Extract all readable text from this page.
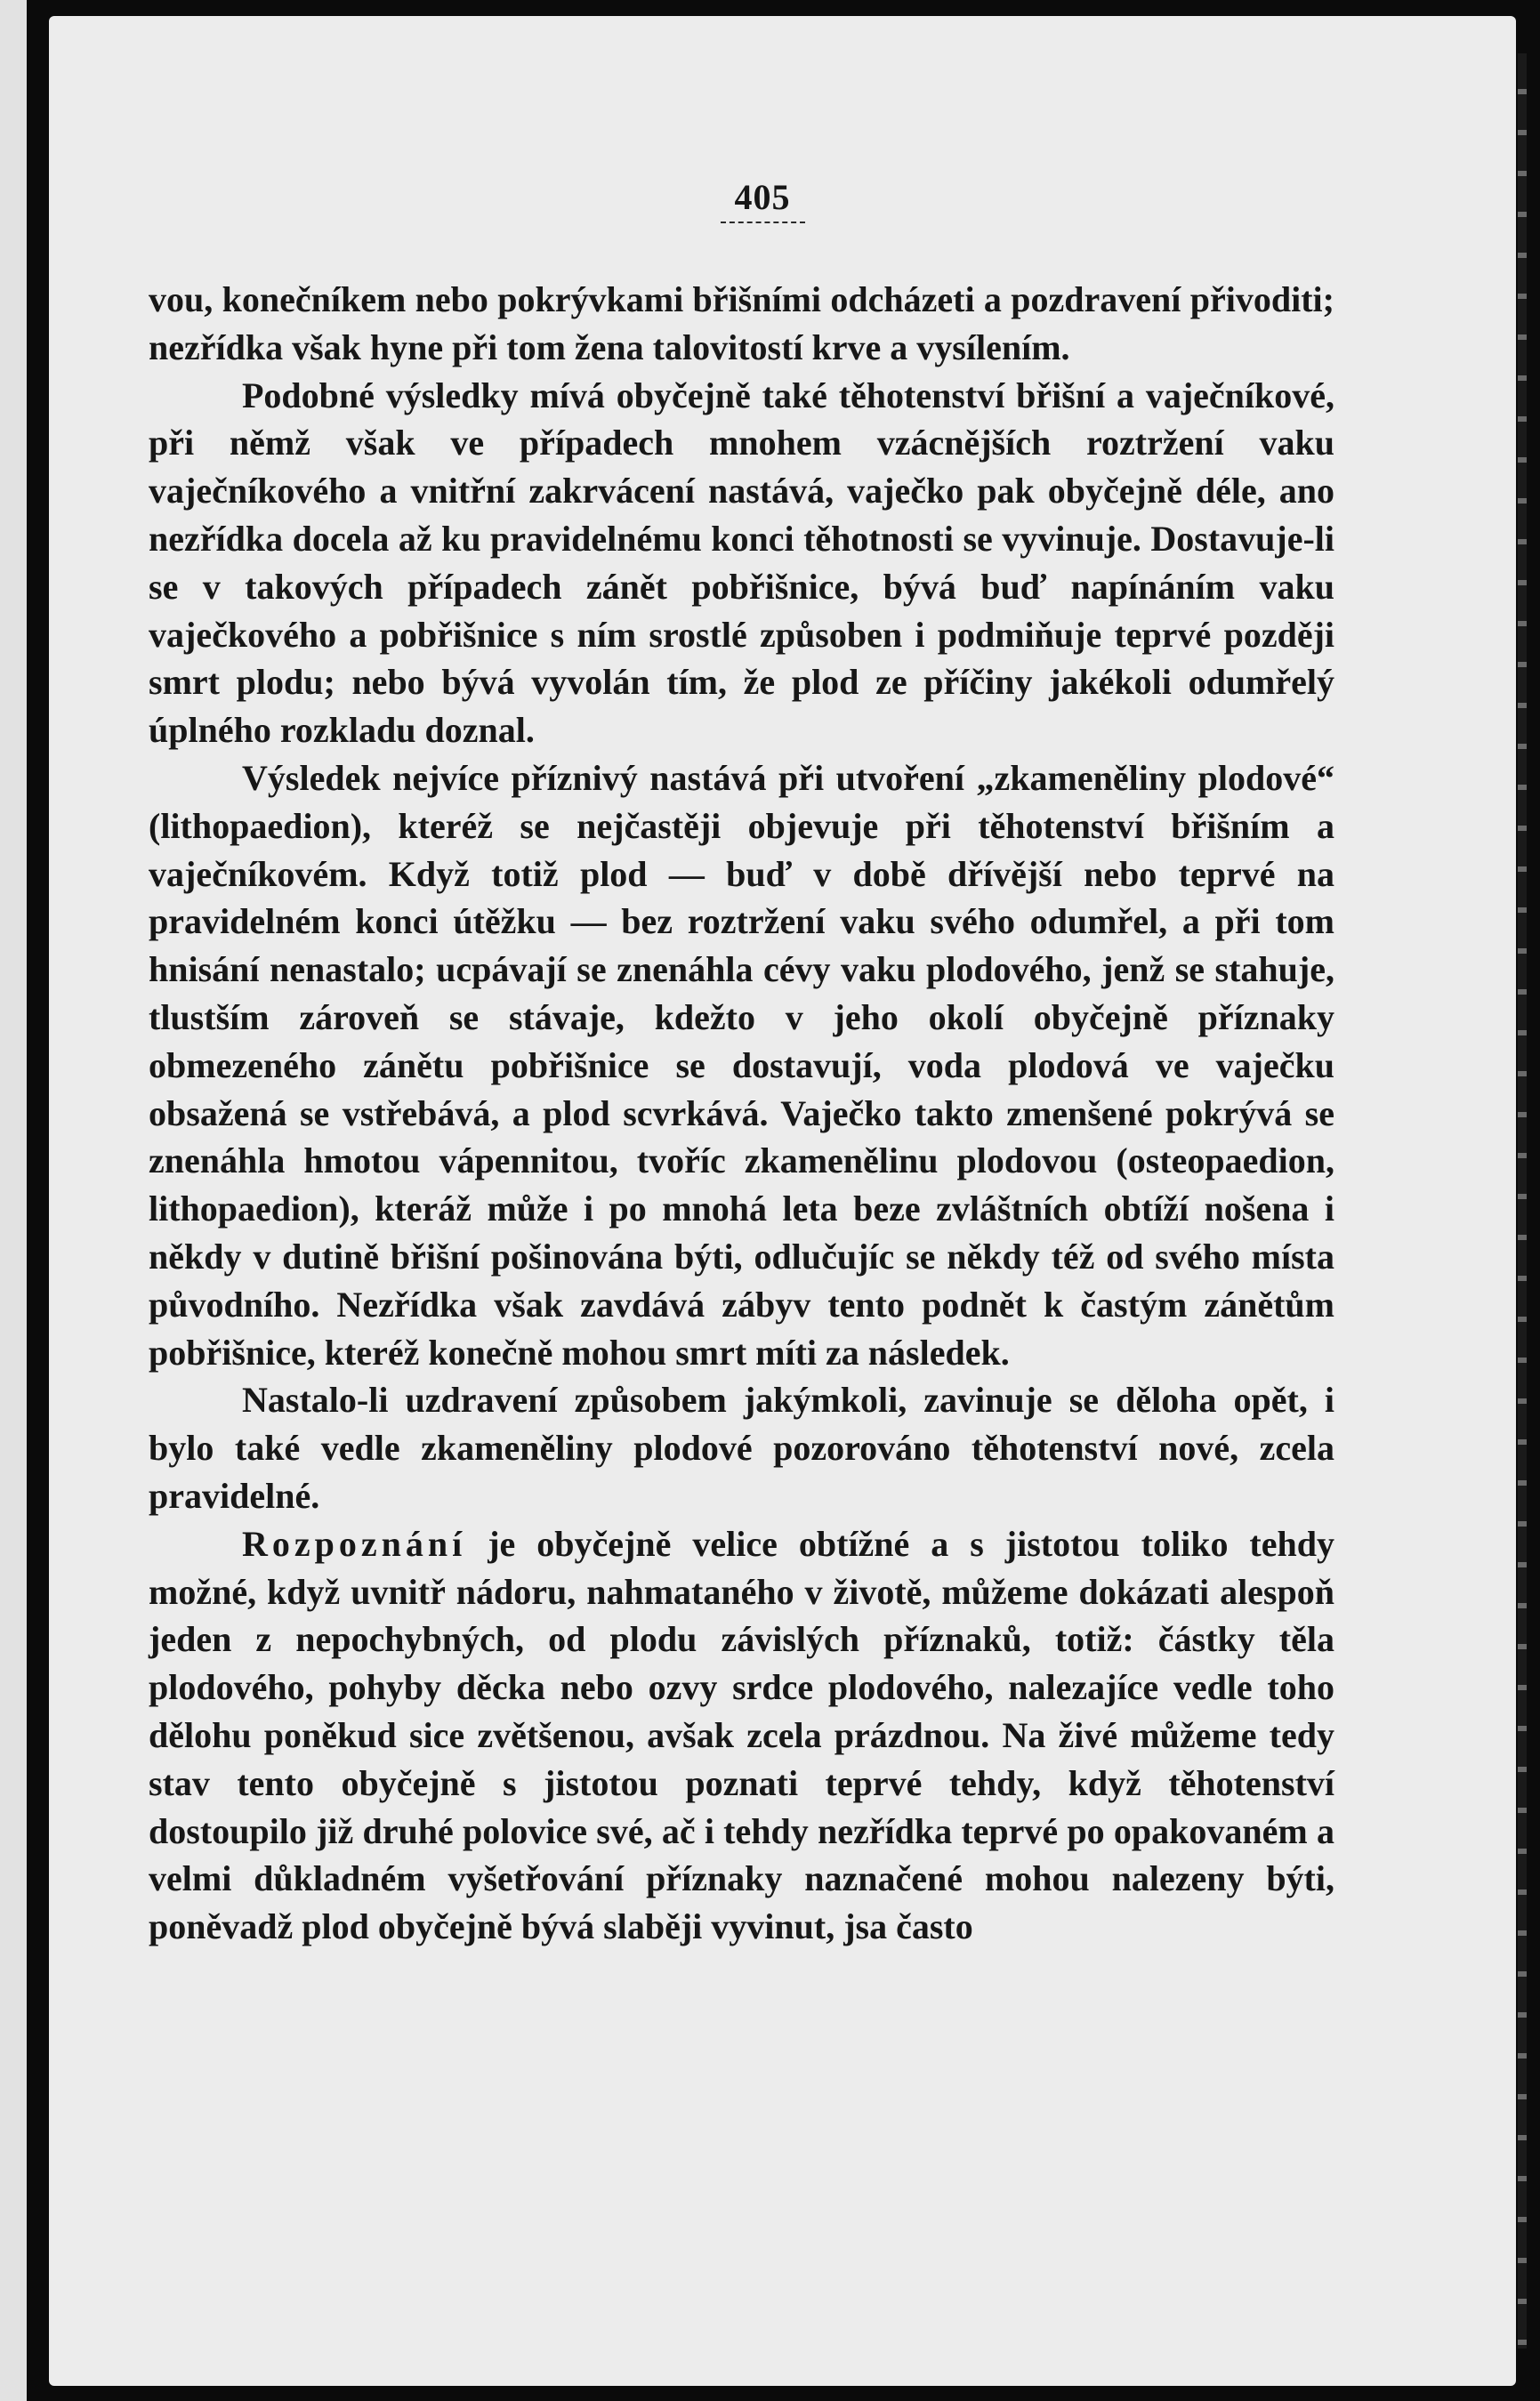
405

vou, konečníkem nebo pokrývkami břišními odcházeti a pozdravení přivoditi; nezřídka však hyne při tom žena talovitostí krve a vysílením.

Podobné výsledky mívá obyčejně také těhotenství břišní a vaječníkové, při němž však ve případech mnohem vzácnějších roztržení vaku vaječníkového a vnitřní zakrvácení nastává, vaječko pak obyčejně déle, ano nezřídka docela až ku pravidelnému konci těhotnosti se vyvinuje. Dostavuje-li se v takových případech zánět pobřišnice, bývá buď napínáním vaku vaječkového a pobřišnice s ním srostlé způsoben i podmiňuje teprvé později smrt plodu; nebo bývá vyvolán tím, že plod ze příčiny jakékoli odumřelý úplného rozkladu doznal.

Výsledek nejvíce příznivý nastává při utvoření „zkameněliny plodové“ (lithopaedion), kteréž se nejčastěji objevuje při těhotenství břišním a vaječníkovém. Když totiž plod — buď v době dřívější nebo teprvé na pravidelném konci útěžku — bez roztržení vaku svého odumřel, a při tom hnisání nenastalo; ucpávají se znenáhla cévy vaku plodového, jenž se stahuje, tlustším zároveň se stávaje, kdežto v jeho okolí obyčejně příznaky obmezeného zánětu pobřišnice se dostavují, voda plodová ve vaječku obsažená se vstřebává, a plod scvrkává. Vaječko takto zmenšené pokrývá se znenáhla hmotou vápennitou, tvoříc zkamenělinu plodovou (osteopaedion, lithopaedion), kteráž může i po mnohá leta beze zvláštních obtíží nošena i někdy v dutině břišní pošinována býti, odlučujíc se někdy též od svého místa původního. Nezřídka však zavdává zábyv tento podnět k častým zánětům pobřišnice, kteréž konečně mohou smrt míti za následek.

Nastalo-li uzdravení způsobem jakýmkoli, zavinuje se děloha opět, i bylo také vedle zkameněliny plodové pozorováno těhotenství nové, zcela pravidelné.

Rozpoznání je obyčejně velice obtížné a s jistotou toliko tehdy možné, když uvnitř nádoru, nahmataného v životě, můžeme dokázati alespoň jeden z nepochybných, od plodu závislých příznaků, totiž: částky těla plodového, pohyby děcka nebo ozvy srdce plodového, nalezajíce vedle toho dělohu poněkud sice zvětšenou, avšak zcela prázdnou. Na živé můžeme tedy stav tento obyčejně s jistotou poznati teprvé tehdy, když těhotenství dostoupilo již druhé polovice své, ač i tehdy nezřídka teprvé po opakovaném a velmi důkladném vyšetřování příznaky naznačené mohou nalezeny býti, poněvadž plod obyčejně bývá slaběji vyvinut, jsa často
